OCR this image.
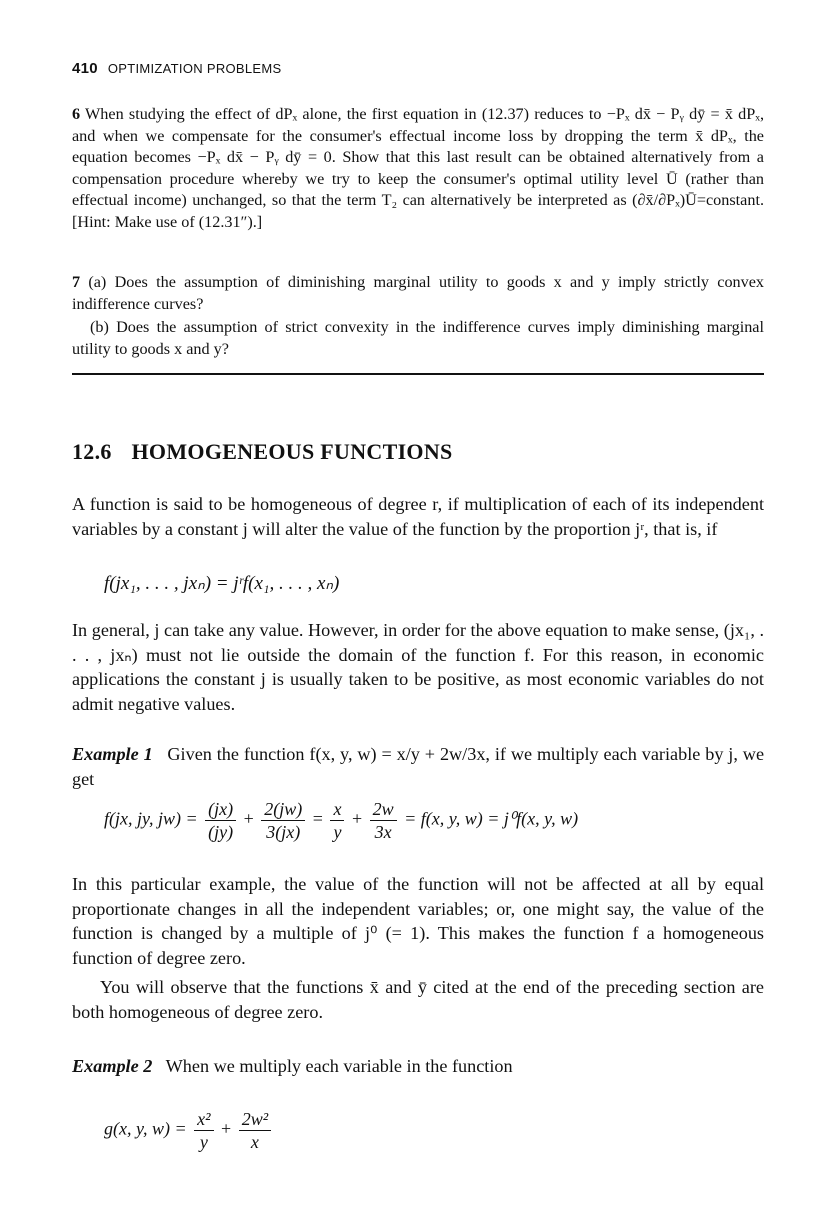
410 OPTIMIZATION PROBLEMS
6 When studying the effect of dPₓ alone, the first equation in (12.37) reduces to −Pₓ dx̄ − Pᵧ dȳ = x̄ dPₓ, and when we compensate for the consumer's effectual income loss by dropping the term x̄ dPₓ, the equation becomes −Pₓ dx̄ − Pᵧ dȳ = 0. Show that this last result can be obtained alternatively from a compensation procedure whereby we try to keep the consumer's optimal utility level Ū (rather than effectual income) unchanged, so that the term T₂ can alternatively be interpreted as (∂x̄/∂Pₓ)Ū=constant. [Hint: Make use of (12.31″).]
7 (a) Does the assumption of diminishing marginal utility to goods x and y imply strictly convex indifference curves?
(b) Does the assumption of strict convexity in the indifference curves imply diminishing marginal utility to goods x and y?
12.6 HOMOGENEOUS FUNCTIONS
A function is said to be homogeneous of degree r, if multiplication of each of its independent variables by a constant j will alter the value of the function by the proportion jʳ, that is, if
f(jx₁, . . . , jxₙ) = jʳf(x₁, . . . , xₙ)
In general, j can take any value. However, in order for the above equation to make sense, (jx₁, . . . , jxₙ) must not lie outside the domain of the function f. For this reason, in economic applications the constant j is usually taken to be positive, as most economic variables do not admit negative values.
Example 1 Given the function f(x, y, w) = x/y + 2w/3x, if we multiply each variable by j, we get
f(jx, jy, $jw) = \frac{(jx)}{(jy)} + \frac{2(jw)}{3(jx)} = \frac{x}{y} + \frac{2w}{3x} = f(x$, y, w) = j⁰f(x, y, w)
In this particular example, the value of the function will not be affected at all by equal proportionate changes in all the independent variables; or, one might say, the value of the function is changed by a multiple of j⁰ (= 1). This makes the function f a homogeneous function of degree zero.
You will observe that the functions x̄ and ȳ cited at the end of the preceding section are both homogeneous of degree zero.
Example 2 When we multiply each variable in the function
g(x, y, $w) = \frac{\text{x²}}{y} + \frac{\text{2w²}}{x}$
